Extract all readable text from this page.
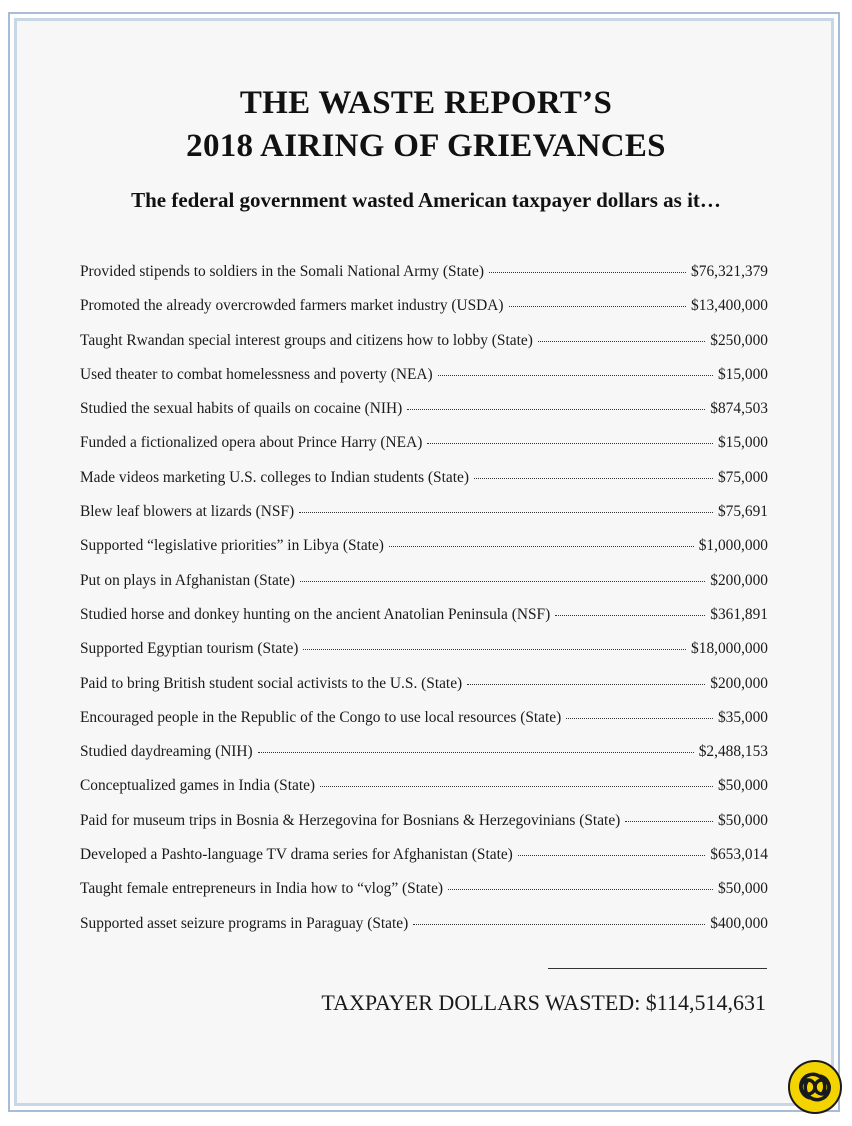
THE WASTE REPORT’S
2018 AIRING OF GRIEVANCES
The federal government wasted American taxpayer dollars as it…
Provided stipends to soldiers in the Somali National Army (State)	$76,321,379
Promoted the already overcrowded farmers market industry (USDA)	$13,400,000
Taught Rwandan special interest groups and citizens how to lobby (State)	$250,000
Used theater to combat homelessness and poverty (NEA)	$15,000
Studied the sexual habits of quails on cocaine (NIH)	$874,503
Funded a fictionalized opera about Prince Harry (NEA)	$15,000
Made videos marketing U.S. colleges to Indian students (State)	$75,000
Blew leaf blowers at lizards (NSF)	$75,691
Supported “legislative priorities” in Libya (State)	$1,000,000
Put on plays in Afghanistan (State)	$200,000
Studied horse and donkey hunting on the ancient Anatolian Peninsula (NSF)	$361,891
Supported Egyptian tourism (State)	$18,000,000
Paid to bring British student social activists to the U.S. (State)	$200,000
Encouraged people in the Republic of the Congo to use local resources (State)	$35,000
Studied daydreaming (NIH)	$2,488,153
Conceptualized games in India (State)	$50,000
Paid for museum trips in Bosnia & Herzegovina for Bosnians & Herzegovinians (State)	$50,000
Developed a Pashto-language TV drama series for Afghanistan (State)	$653,014
Taught female entrepreneurs in India how to “vlog” (State)	$50,000
Supported asset seizure programs in Paraguay (State)	$400,000
TAXPAYER DOLLARS WASTED: $114,514,631
